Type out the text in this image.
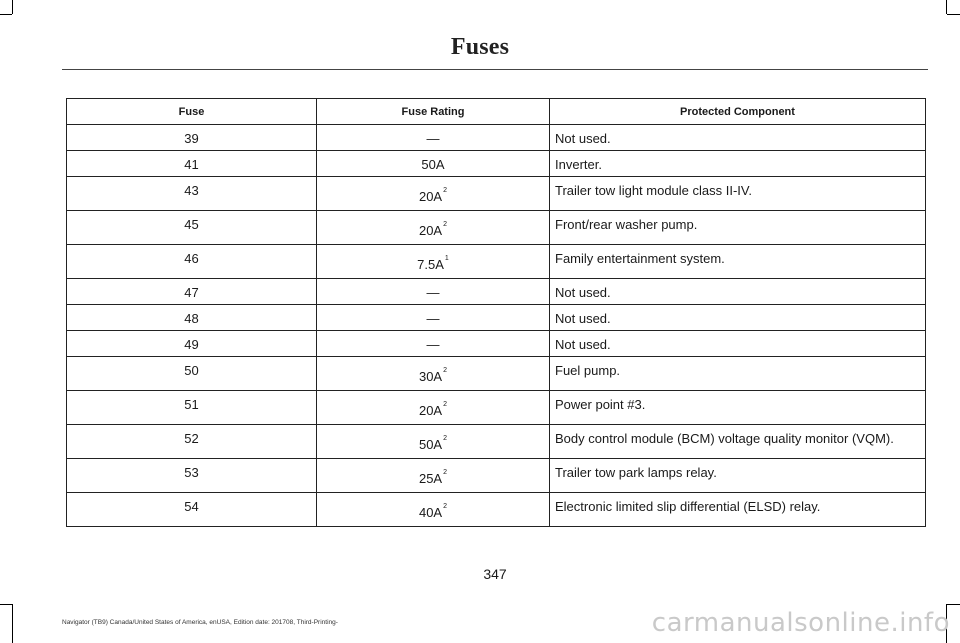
Fuses
Fuse	Fuse Rating	Protected Component
39	—	Not used.
41	50A	Inverter.
43	20A$^2$	Trailer tow light module class II-IV.
45	20A$^2$	Front/rear washer pump.
46	7.5A$^1$	Family entertainment system.
47	—	Not used.
48	—	Not used.
49	—	Not used.
50	30A$^2$	Fuel pump.
51	20A$^2$	Power point #3.
52	50A$^2$	Body control module (BCM) voltage quality monitor (VQM).
53	25A$^2$	Trailer tow park lamps relay.
54	40A$^2$	Electronic limited slip differential (ELSD) relay.
347
Navigator (TB9) Canada/United States of America, enUSA, Edition date: 201708, Third-Printing-	carmanualsonline.info
